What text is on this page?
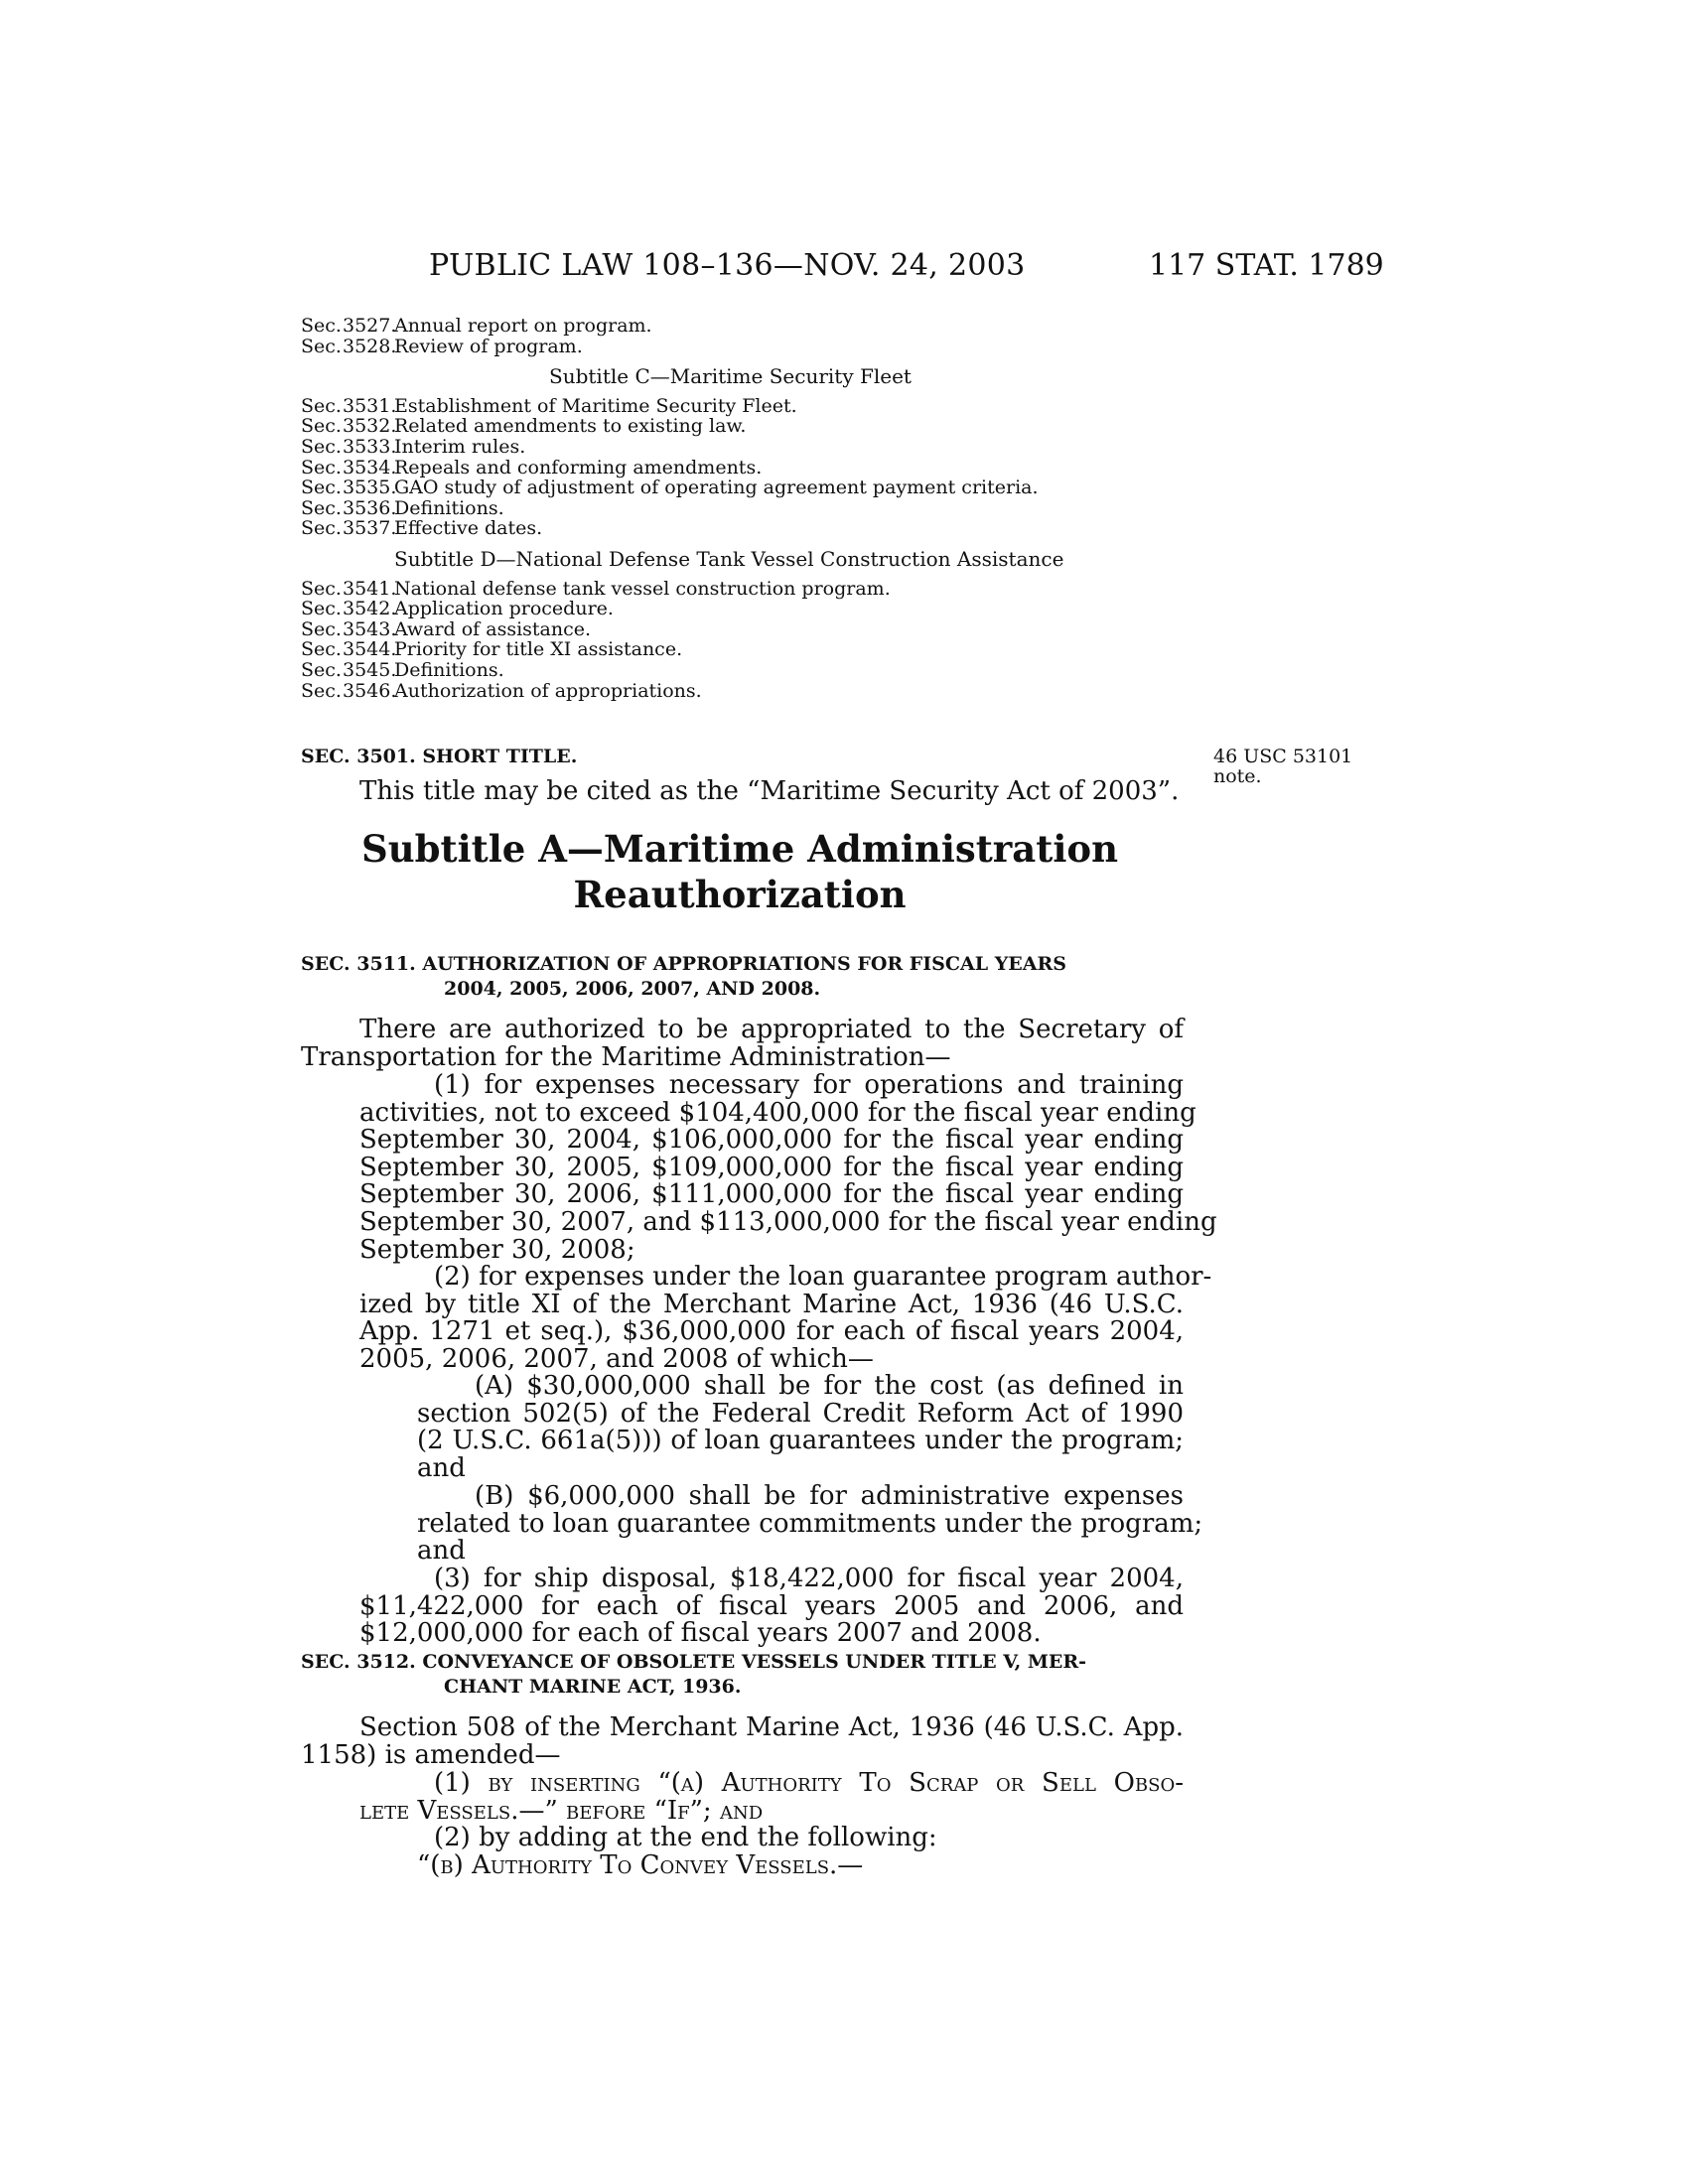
PUBLIC LAW 108–136—NOV. 24, 2003	117 STAT. 1789
Sec. 3527.
Annual report on program.
Sec. 3528.
Review of program.
Subtitle C—Maritime Security Fleet
Sec. 3531.
Establishment of Maritime Security Fleet.
Sec. 3532.
Related amendments to existing law.
Sec. 3533.
Interim rules.
Sec. 3534.
Repeals and conforming amendments.
Sec. 3535.
GAO study of adjustment of operating agreement payment criteria.
Sec. 3536.
Definitions.
Sec. 3537.
Effective dates.
Subtitle D—National Defense Tank Vessel Construction Assistance
Sec. 3541.
National defense tank vessel construction program.
Sec. 3542.
Application procedure.
Sec. 3543.
Award of assistance.
Sec. 3544.
Priority for title XI assistance.
Sec. 3545.
Definitions.
Sec. 3546.
Authorization of appropriations.
SEC. 3501. SHORT TITLE.	46 USC 53101
note.
This title may be cited as the “Maritime Security Act of 2003”.
Subtitle A—Maritime Administration
Reauthorization
SEC. 3511. AUTHORIZATION OF APPROPRIATIONS FOR FISCAL YEARS
2004, 2005, 2006, 2007, AND 2008.
There are authorized to be appropriated to the Secretary of
Transportation for the Maritime Administration—
(1) for expenses necessary for operations and training
activities, not to exceed $104,400,000 for the fiscal year ending
September 30, 2004, $106,000,000 for the fiscal year ending
September 30, 2005, $109,000,000 for the fiscal year ending
September 30, 2006, $111,000,000 for the fiscal year ending
September 30, 2007, and $113,000,000 for the fiscal year ending
September 30, 2008;
(2) for expenses under the loan guarantee program author-
ized by title XI of the Merchant Marine Act, 1936 (46 U.S.C.
App. 1271 et seq.), $36,000,000 for each of fiscal years 2004,
2005, 2006, 2007, and 2008 of which—
(A) $30,000,000 shall be for the cost (as defined in
section 502(5) of the Federal Credit Reform Act of 1990
(2 U.S.C. 661a(5))) of loan guarantees under the program;
and
(B) $6,000,000 shall be for administrative expenses
related to loan guarantee commitments under the program;
and
(3) for ship disposal, $18,422,000 for fiscal year 2004,
$11,422,000 for each of fiscal years 2005 and 2006, and
$12,000,000 for each of fiscal years 2007 and 2008.
SEC. 3512. CONVEYANCE OF OBSOLETE VESSELS UNDER TITLE V, MER-
CHANT MARINE ACT, 1936.
Section 508 of the Merchant Marine Act, 1936 (46 U.S.C. App.
1158) is amended—
(1) by inserting “(a) Authority To Scrap or Sell Obso-
lete Vessels.—” before “If”; and
(2) by adding at the end the following:
“(b) Authority To Convey Vessels.—
